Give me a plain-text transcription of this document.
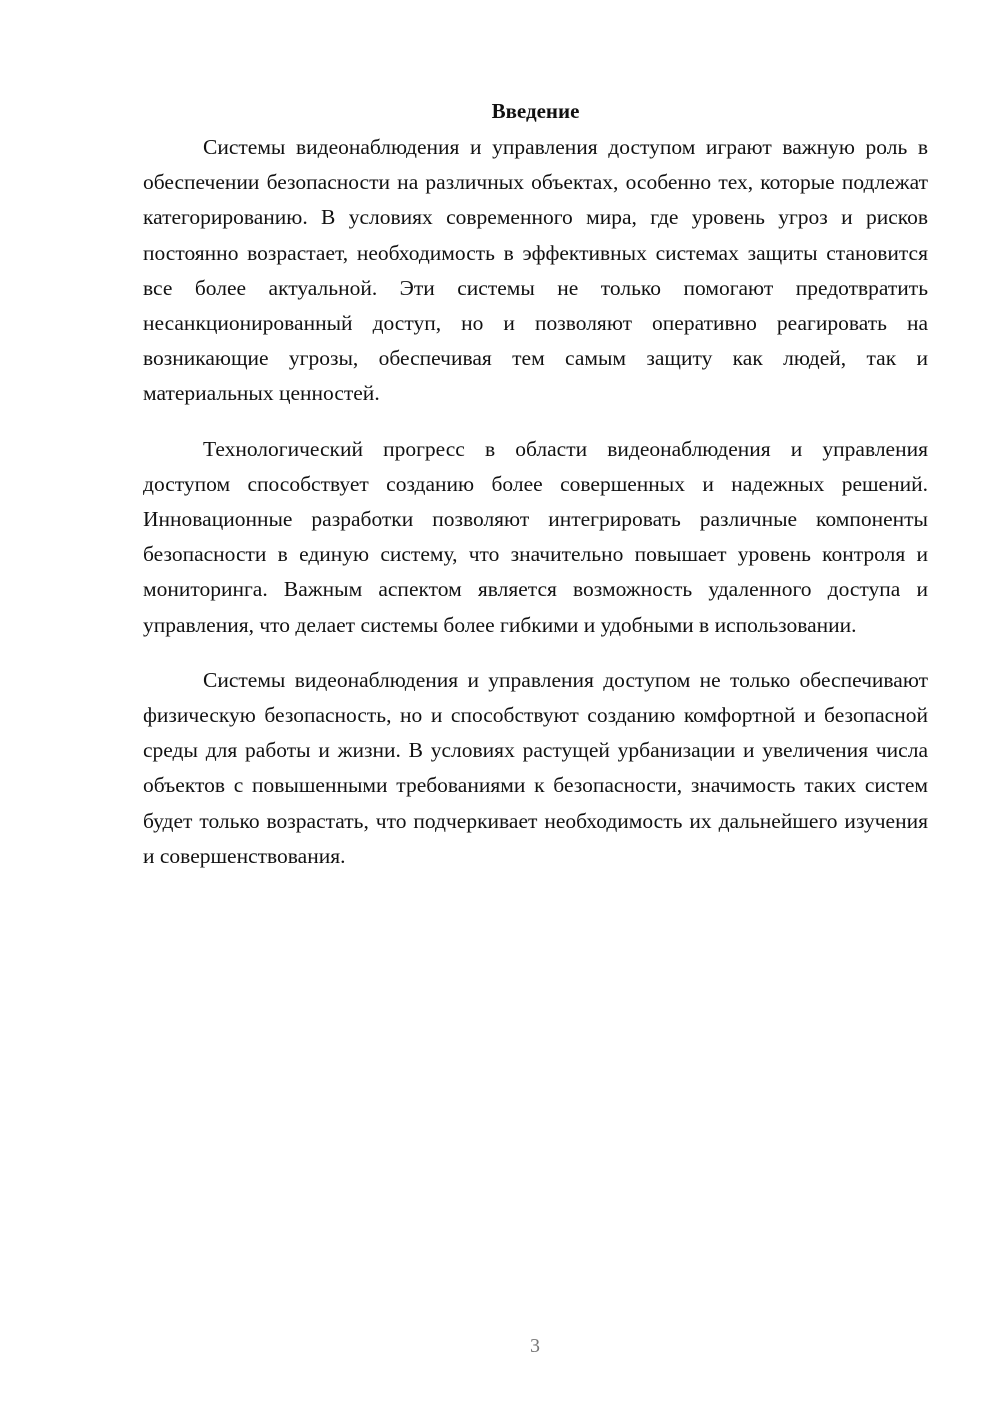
Введение

Системы видеонаблюдения и управления доступом играют важную роль в обеспечении безопасности на различных объектах, особенно тех, которые подлежат категорированию. В условиях современного мира, где уровень угроз и рисков постоянно возрастает, необходимость в эффективных системах защиты становится все более актуальной. Эти системы не только помогают предотвратить несанкционированный доступ, но и позволяют оперативно реагировать на возникающие угрозы, обеспечивая тем самым защиту как людей, так и материальных ценностей.

Технологический прогресс в области видеонаблюдения и управления доступом способствует созданию более совершенных и надежных решений. Инновационные разработки позволяют интегрировать различные компоненты безопасности в единую систему, что значительно повышает уровень контроля и мониторинга. Важным аспектом является возможность удаленного доступа и управления, что делает системы более гибкими и удобными в использовании.

Системы видеонаблюдения и управления доступом не только обеспечивают физическую безопасность, но и способствуют созданию комфортной и безопасной среды для работы и жизни. В условиях растущей урбанизации и увеличения числа объектов с повышенными требованиями к безопасности, значимость таких систем будет только возрастать, что подчеркивает необходимость их дальнейшего изучения и совершенствования.

3
